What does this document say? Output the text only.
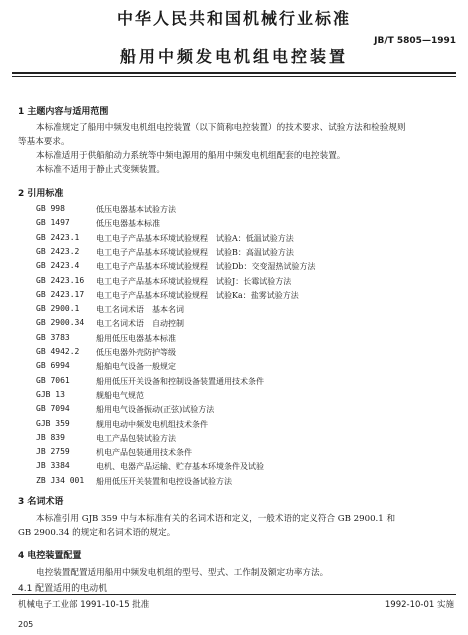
中华人民共和国机械行业标准
JB/T 5805—1991
船用中频发电机组电控装置
1 主题内容与适用范围
本标准规定了船用中频发电机组电控装置（以下简称电控装置）的技术要求、试验方法和检验规则
等基本要求。
本标准适用于供船舶动力系统等中频电源用的船用中频发电机组配套的电控装置。
本标准不适用于静止式变频装置。
2 引用标准
GB 998	低压电器基本试验方法
GB 1497	低压电器基本标准
GB 2423.1 电工电子产品基本环境试验规程　试验A：低温试验方法
GB 2423.2 电工电子产品基本环境试验规程　试验B：高温试验方法
GB 2423.4 电工电子产品基本环境试验规程　试验Db：交变湿热试验方法
GB 2423.16 电工电子产品基本环境试验规程　试验J：长霉试验方法
GB 2423.17 电工电子产品基本环境试验规程　试验Ka：盐雾试验方法
GB 2900.1 电工名词术语　基本名词
GB 2900.34 电工名词术语　自动控制
GB 3783	船用低压电器基本标准
GB 4942.2 低压电器外壳防护等级
GB 6994	船舶电气设备一般规定
GB 7061	船用低压开关设备和控制设备装置通用技术条件
GJB 13	舰船电气规范
GB 7094	船用电气设备振动(正弦)试验方法
GJB 359	舰用电动中频发电机组技术条件
JB 839	电工产品包装试验方法
JB 2759	机电产品包装通用技术条件
JB 3384	电机、电器产品运输、贮存基本环境条件及试验
ZB J34 001 船用低压开关装置和电控设备试验方法
3 名词术语
本标准引用 GJB 359 中与本标准有关的名词术语和定义，一般术语的定义符合 GB 2900.1 和
GB 2900.34 的规定和名词术语的规定。
4 电控装置配置
电控装置配置适用船用中频发电机组的型号、型式、工作制及额定功率方法。
4.1 配置适用的电动机
机械电子工业部 1991-10-15 批准	1992-10-01 实施
205
